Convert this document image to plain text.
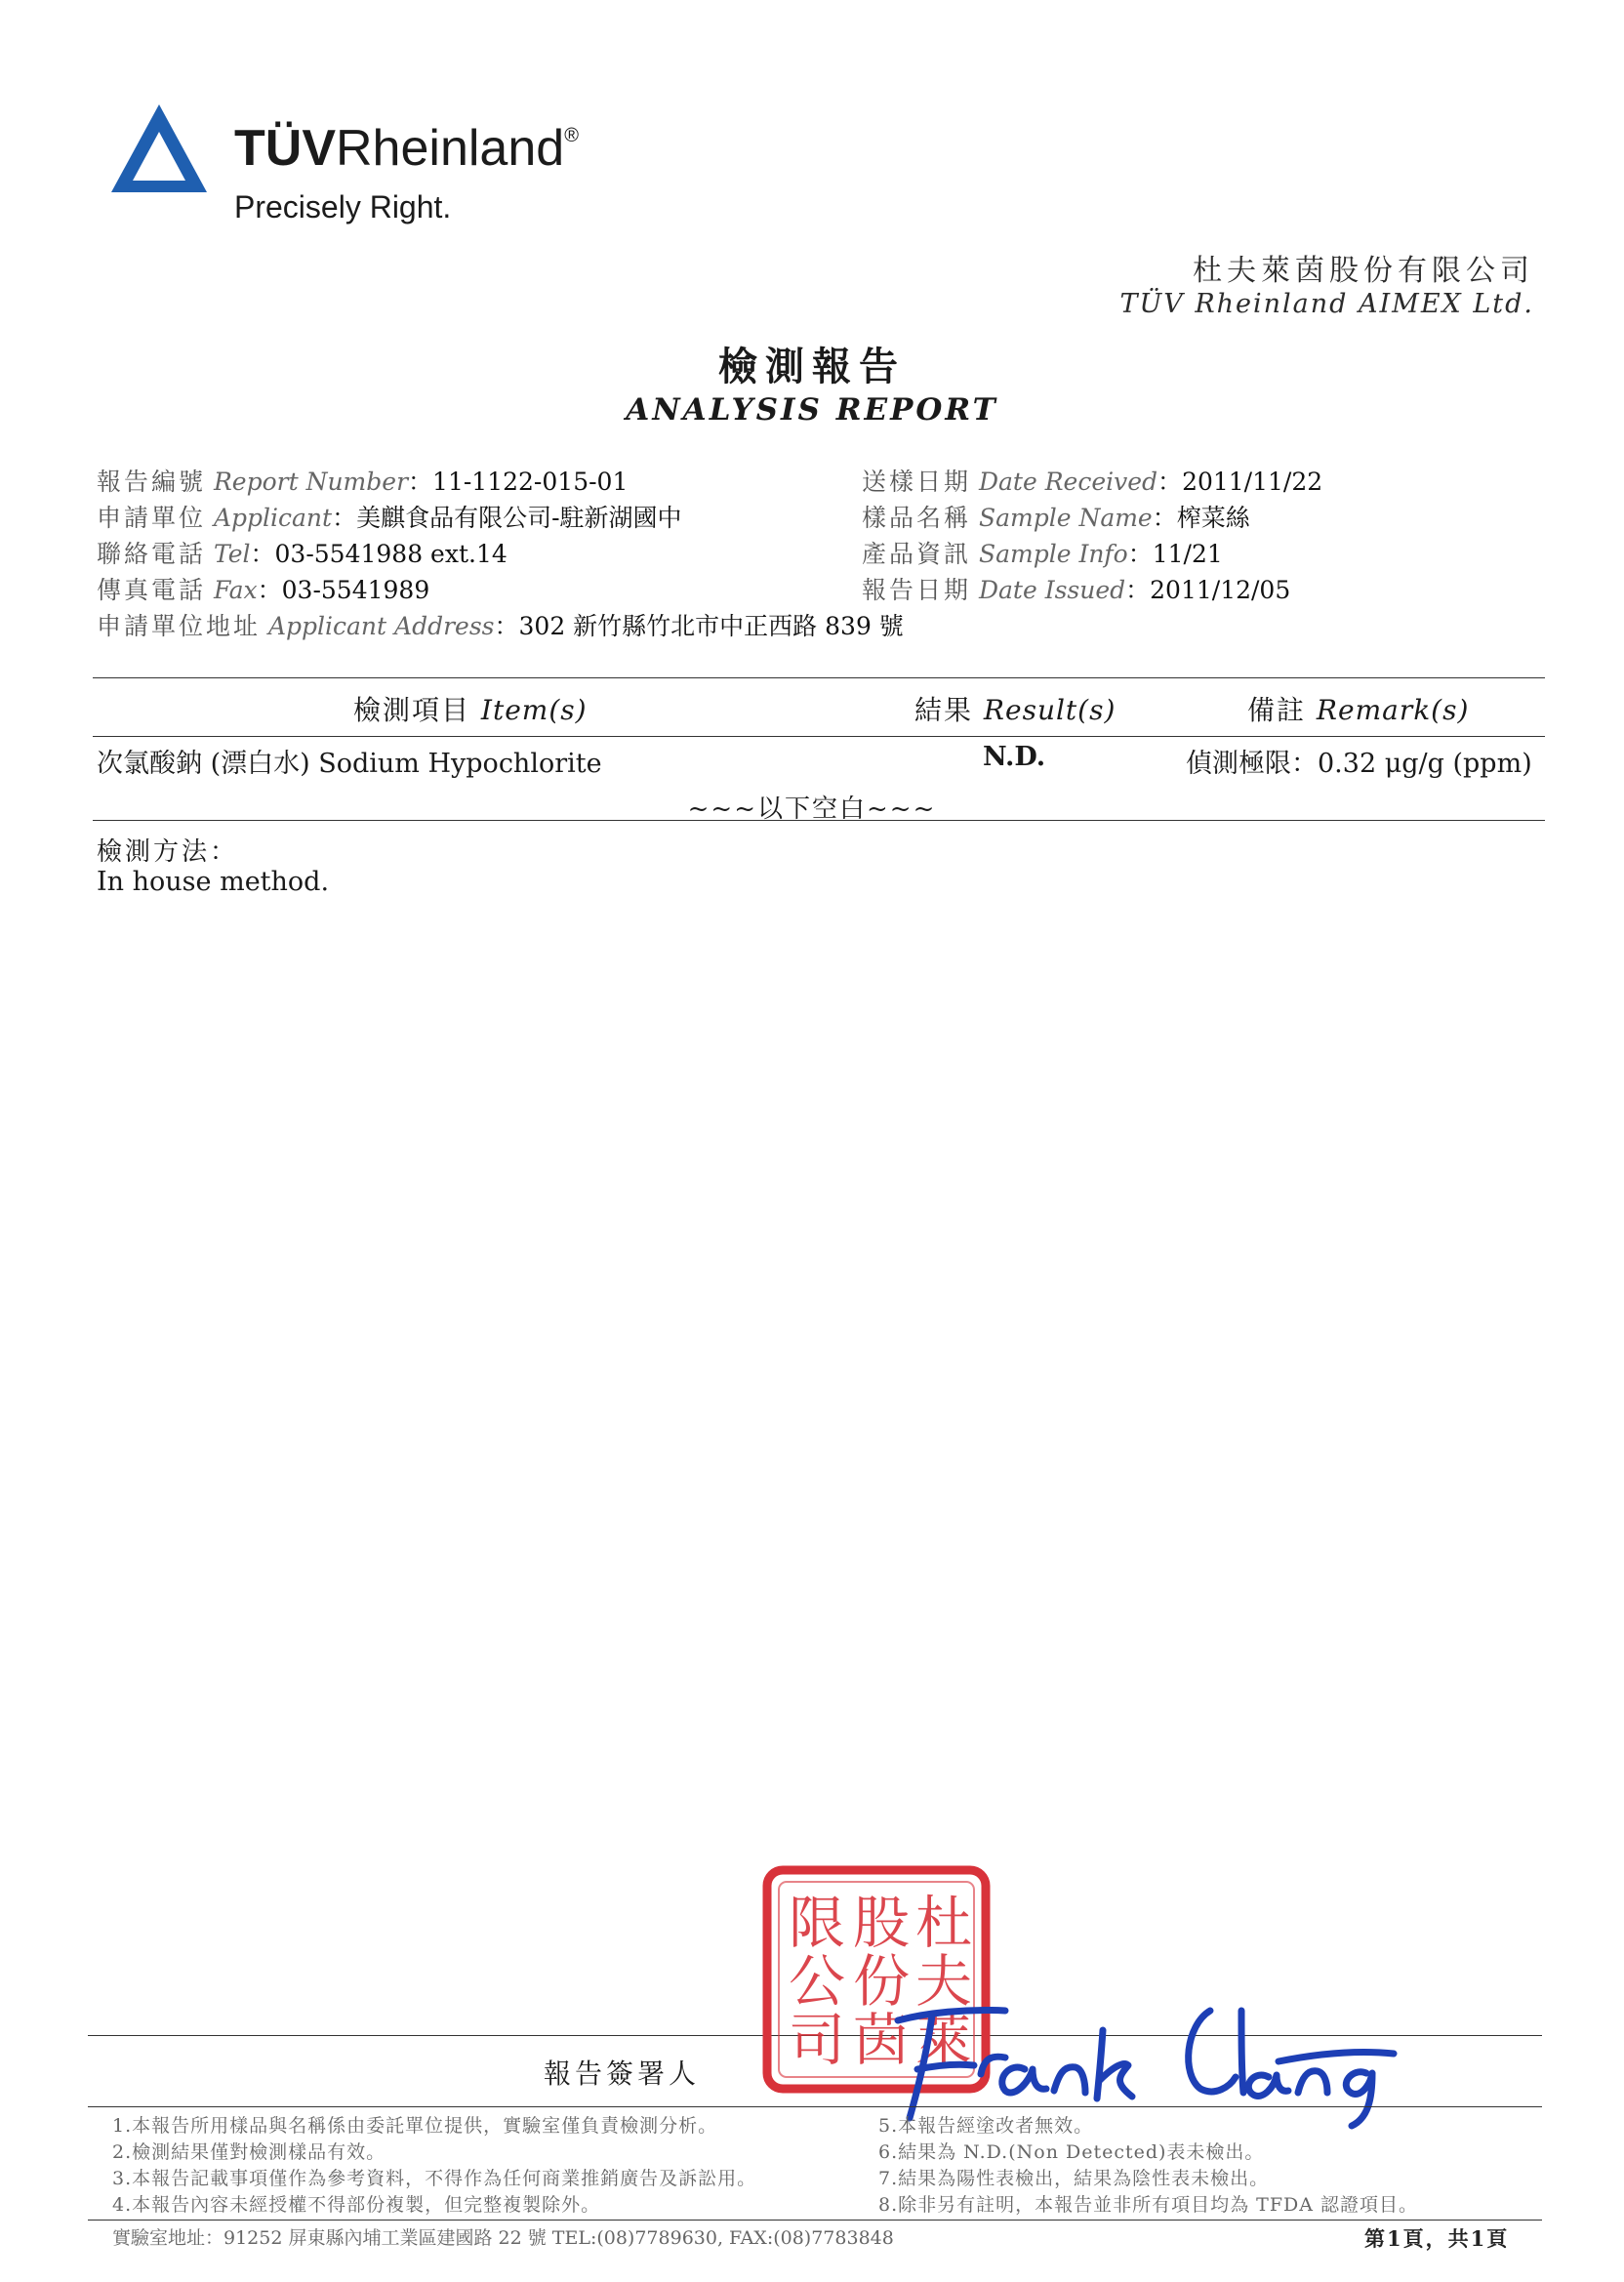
TÜVRheinland®
Precisely Right.
杜夫萊茵股份有限公司
TÜV Rheinland AIMEX Ltd.
檢測報告
ANALYSIS REPORT
報告編號 Report Number：11-1122-015-01
申請單位 Applicant：美麒食品有限公司-駐新湖國中
聯絡電話 Tel：03-5541988 ext.14
傳真電話 Fax：03-5541989
申請單位地址 Applicant Address：302 新竹縣竹北市中正西路 839 號
送樣日期 Date Received：2011/11/22
樣品名稱 Sample Name：榨菜絲
產品資訊 Sample Info：11/21
報告日期 Date Issued：2011/12/05
檢測項目 Item(s)	結果 Result(s)	備註 Remark(s)
次氯酸鈉 (漂白水) Sodium Hypochlorite	N.D.	偵測極限：0.32 μg/g (ppm)
~~~以下空白~~~
檢測方法：
In house method.
報告簽署人
杜
夫
萊
股
份
茵
限
公
司
1.本報告所用樣品與名稱係由委託單位提供，實驗室僅負責檢測分析。
2.檢測結果僅對檢測樣品有效。
3.本報告記載事項僅作為參考資料，不得作為任何商業推銷廣告及訴訟用。
4.本報告內容未經授權不得部份複製，但完整複製除外。
5.本報告經塗改者無效。
6.結果為 N.D.(Non Detected)表未檢出。
7.結果為陽性表檢出，結果為陰性表未檢出。
8.除非另有註明，本報告並非所有項目均為 TFDA 認證項目。
實驗室地址：91252 屏東縣內埔工業區建國路 22 號 TEL:(08)7789630, FAX:(08)7783848	第1頁，共1頁
